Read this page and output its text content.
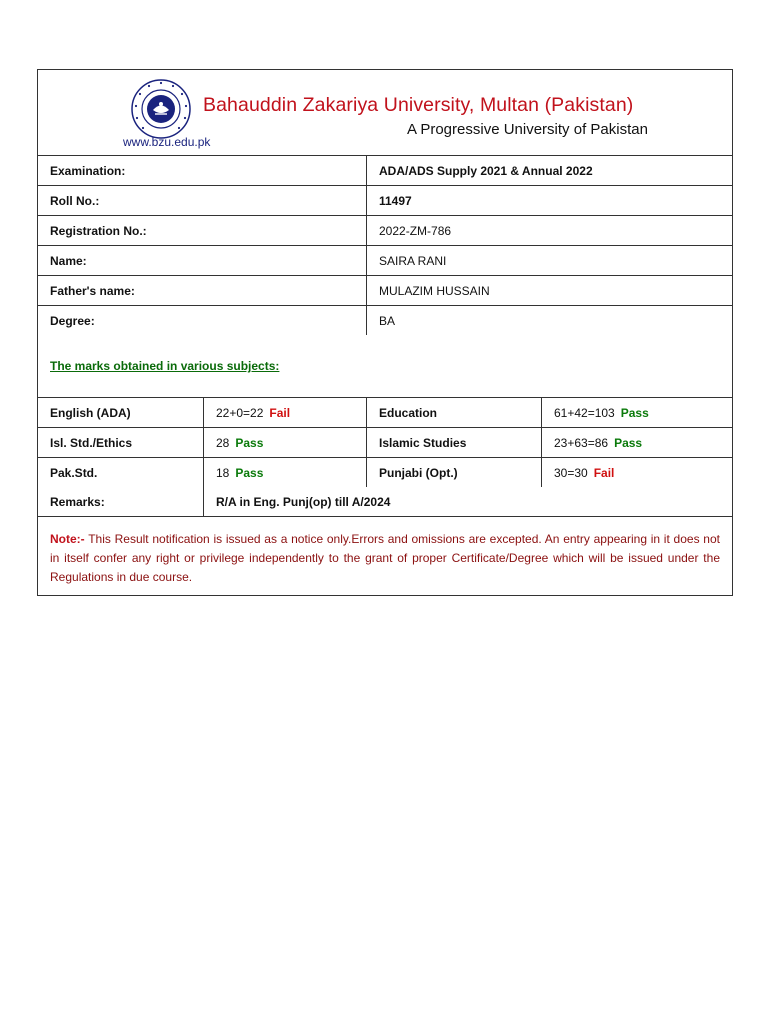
Bahauddin Zakariya University, Multan (Pakistan)
A Progressive University of Pakistan
www.bzu.edu.pk
Examination:	ADA/ADS Supply 2021 & Annual 2022
Roll No.:	11497
Registration No.:	2022-ZM-786
Name:	SAIRA RANI
Father's name:	MULAZIM HUSSAIN
Degree:	BA
The marks obtained in various subjects:
English (ADA)	22+0=22 Fail	Education	61+42=103 Pass
Isl. Std./Ethics	28 Pass	Islamic Studies	23+63=86 Pass
Pak.Std.	18 Pass	Punjabi (Opt.)	30=30 Fail
Remarks:	R/A in Eng. Punj(op) till A/2024
Note:- This Result notification is issued as a notice only.Errors and omissions are excepted. An entry appearing in it does not in itself confer any right or privilege independently to the grant of proper Certificate/Degree which will be issued under the Regulations in due course.
